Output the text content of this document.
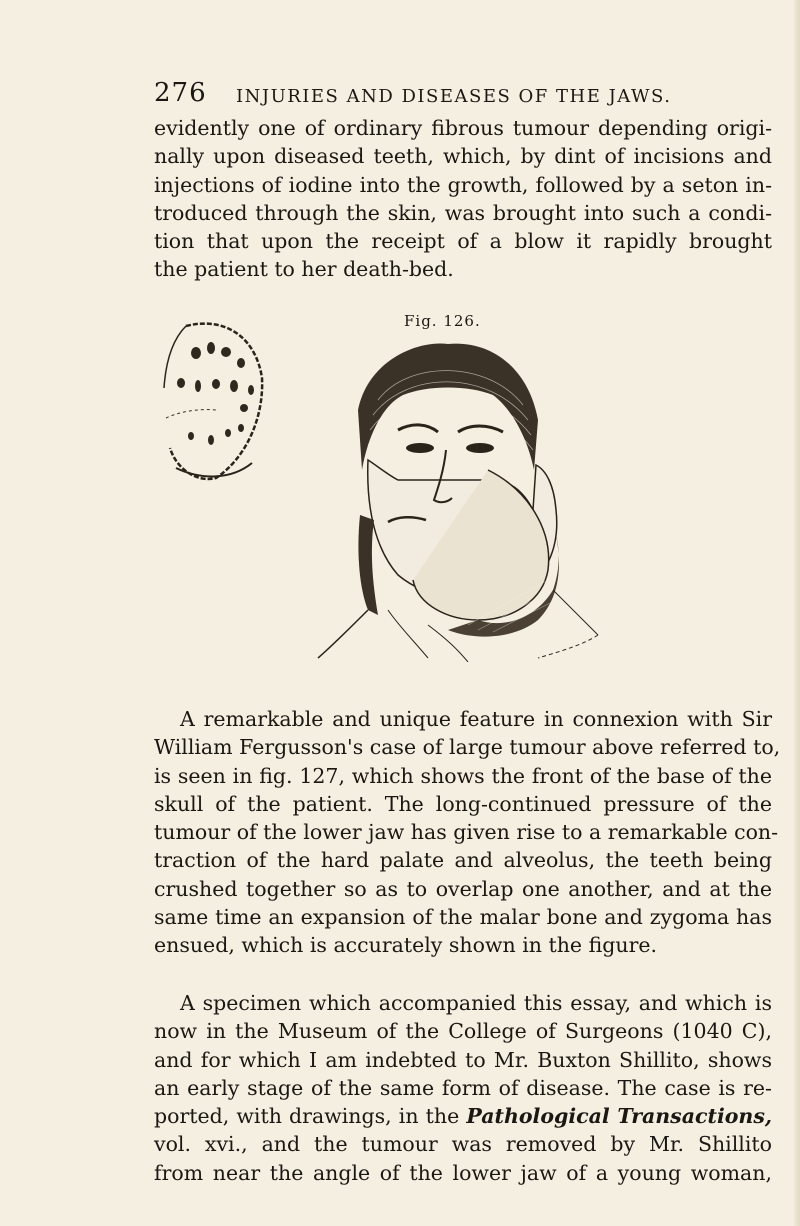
276 INJURIES AND DISEASES OF THE JAWS.
evidently one of ordinary fibrous tumour depending origi-
nally upon diseased teeth, which, by dint of incisions and
injections of iodine into the growth, followed by a seton in-
troduced through the skin, was brought into such a condi-
tion that upon the receipt of a blow it rapidly brought
the patient to her death-bed.
Fig. 126.
A remarkable and unique feature in connexion with Sir
William Fergusson's case of large tumour above referred to,
is seen in fig. 127, which shows the front of the base of the
skull of the patient. The long-continued pressure of the
tumour of the lower jaw has given rise to a remarkable con-
traction of the hard palate and alveolus, the teeth being
crushed together so as to overlap one another, and at the
same time an expansion of the malar bone and zygoma has
ensued, which is accurately shown in the figure.
A specimen which accompanied this essay, and which is
now in the Museum of the College of Surgeons (1040 C),
and for which I am indebted to Mr. Buxton Shillito, shows
an early stage of the same form of disease. The case is re-
ported, with drawings, in the Pathological Transactions,
vol. xvi., and the tumour was removed by Mr. Shillito
from near the angle of the lower jaw of a young woman,
